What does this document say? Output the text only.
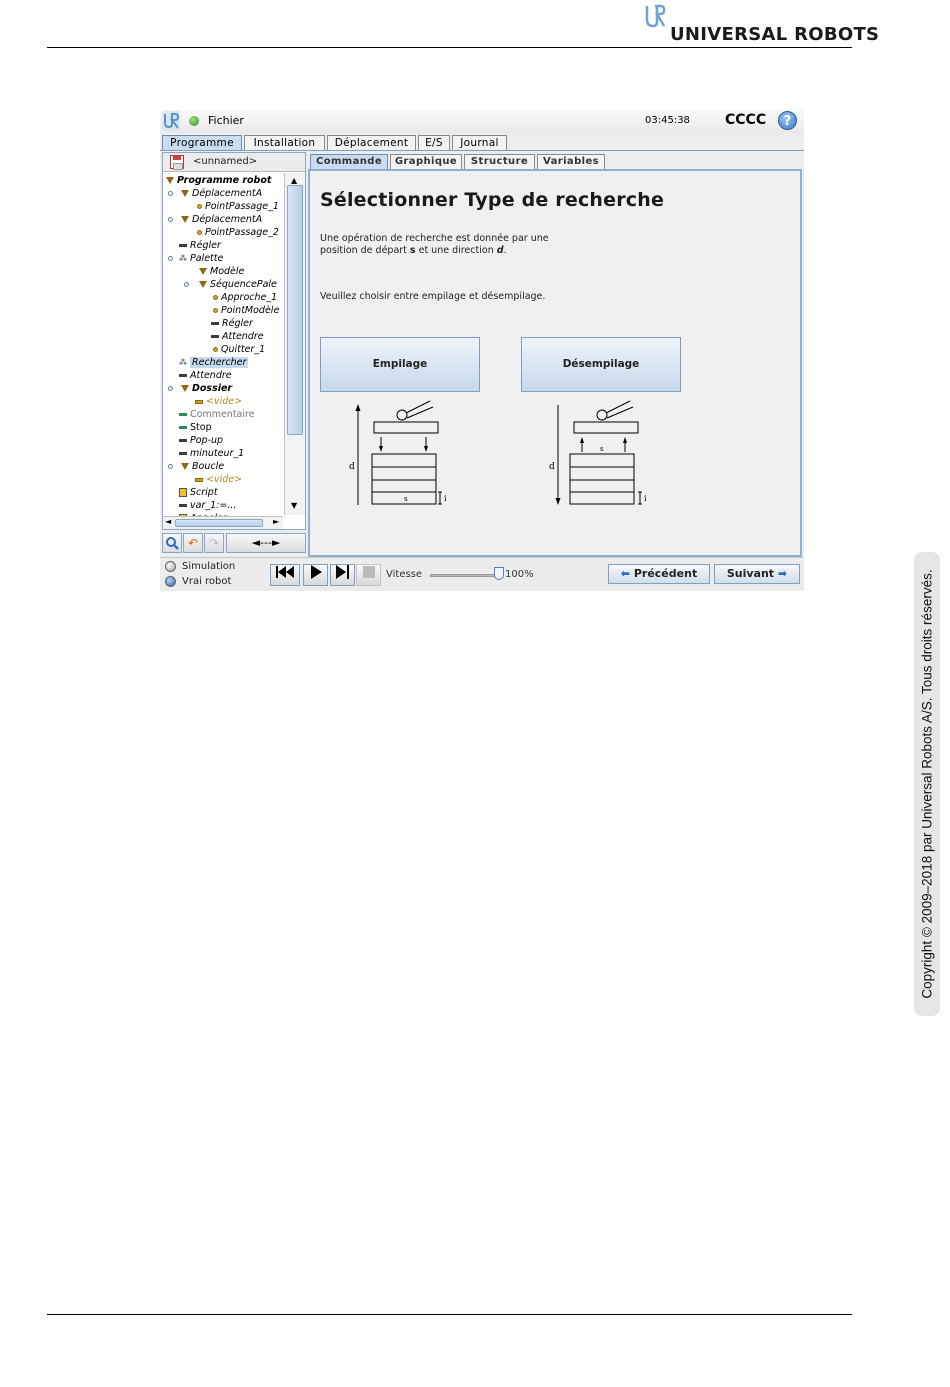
UNIVERSAL ROBOTS
Copyright © 2009–2018 par Universal Robots A/S. Tous droits réservés.
Fichier	03:45:38	CCCC	?
Programme	Installation	Déplacement	E/S	Journal
<unnamed>
Programme robot
DéplacementA
PointPassage_1
DéplacementA
PointPassage_2
Régler
⁂ Palette
Modèle
SéquencePale
Approche_1
PointModèle
Régler
Attendre
Quitter_1
⁂ Rechercher
Attendre
Dossier
<vide>
Commentaire
Stop
Pop-up
minuteur_1
Boucle
<vide>
Script
var_1:=...
▲
▼
◄	►
↶ ↷	◄---►
Commande	Graphique	Structure	Variables
Sélectionner Type de recherche
Une opération de recherche est donnée par une
position de départ s et une direction d.
Veuillez choisir entre empilage et désempilage.
Empilage	Désempilage
d
s	i
d
s
i
Simulation
Vrai robot
Vitesse	100%	⬅ Précédent	Suivant ➡
